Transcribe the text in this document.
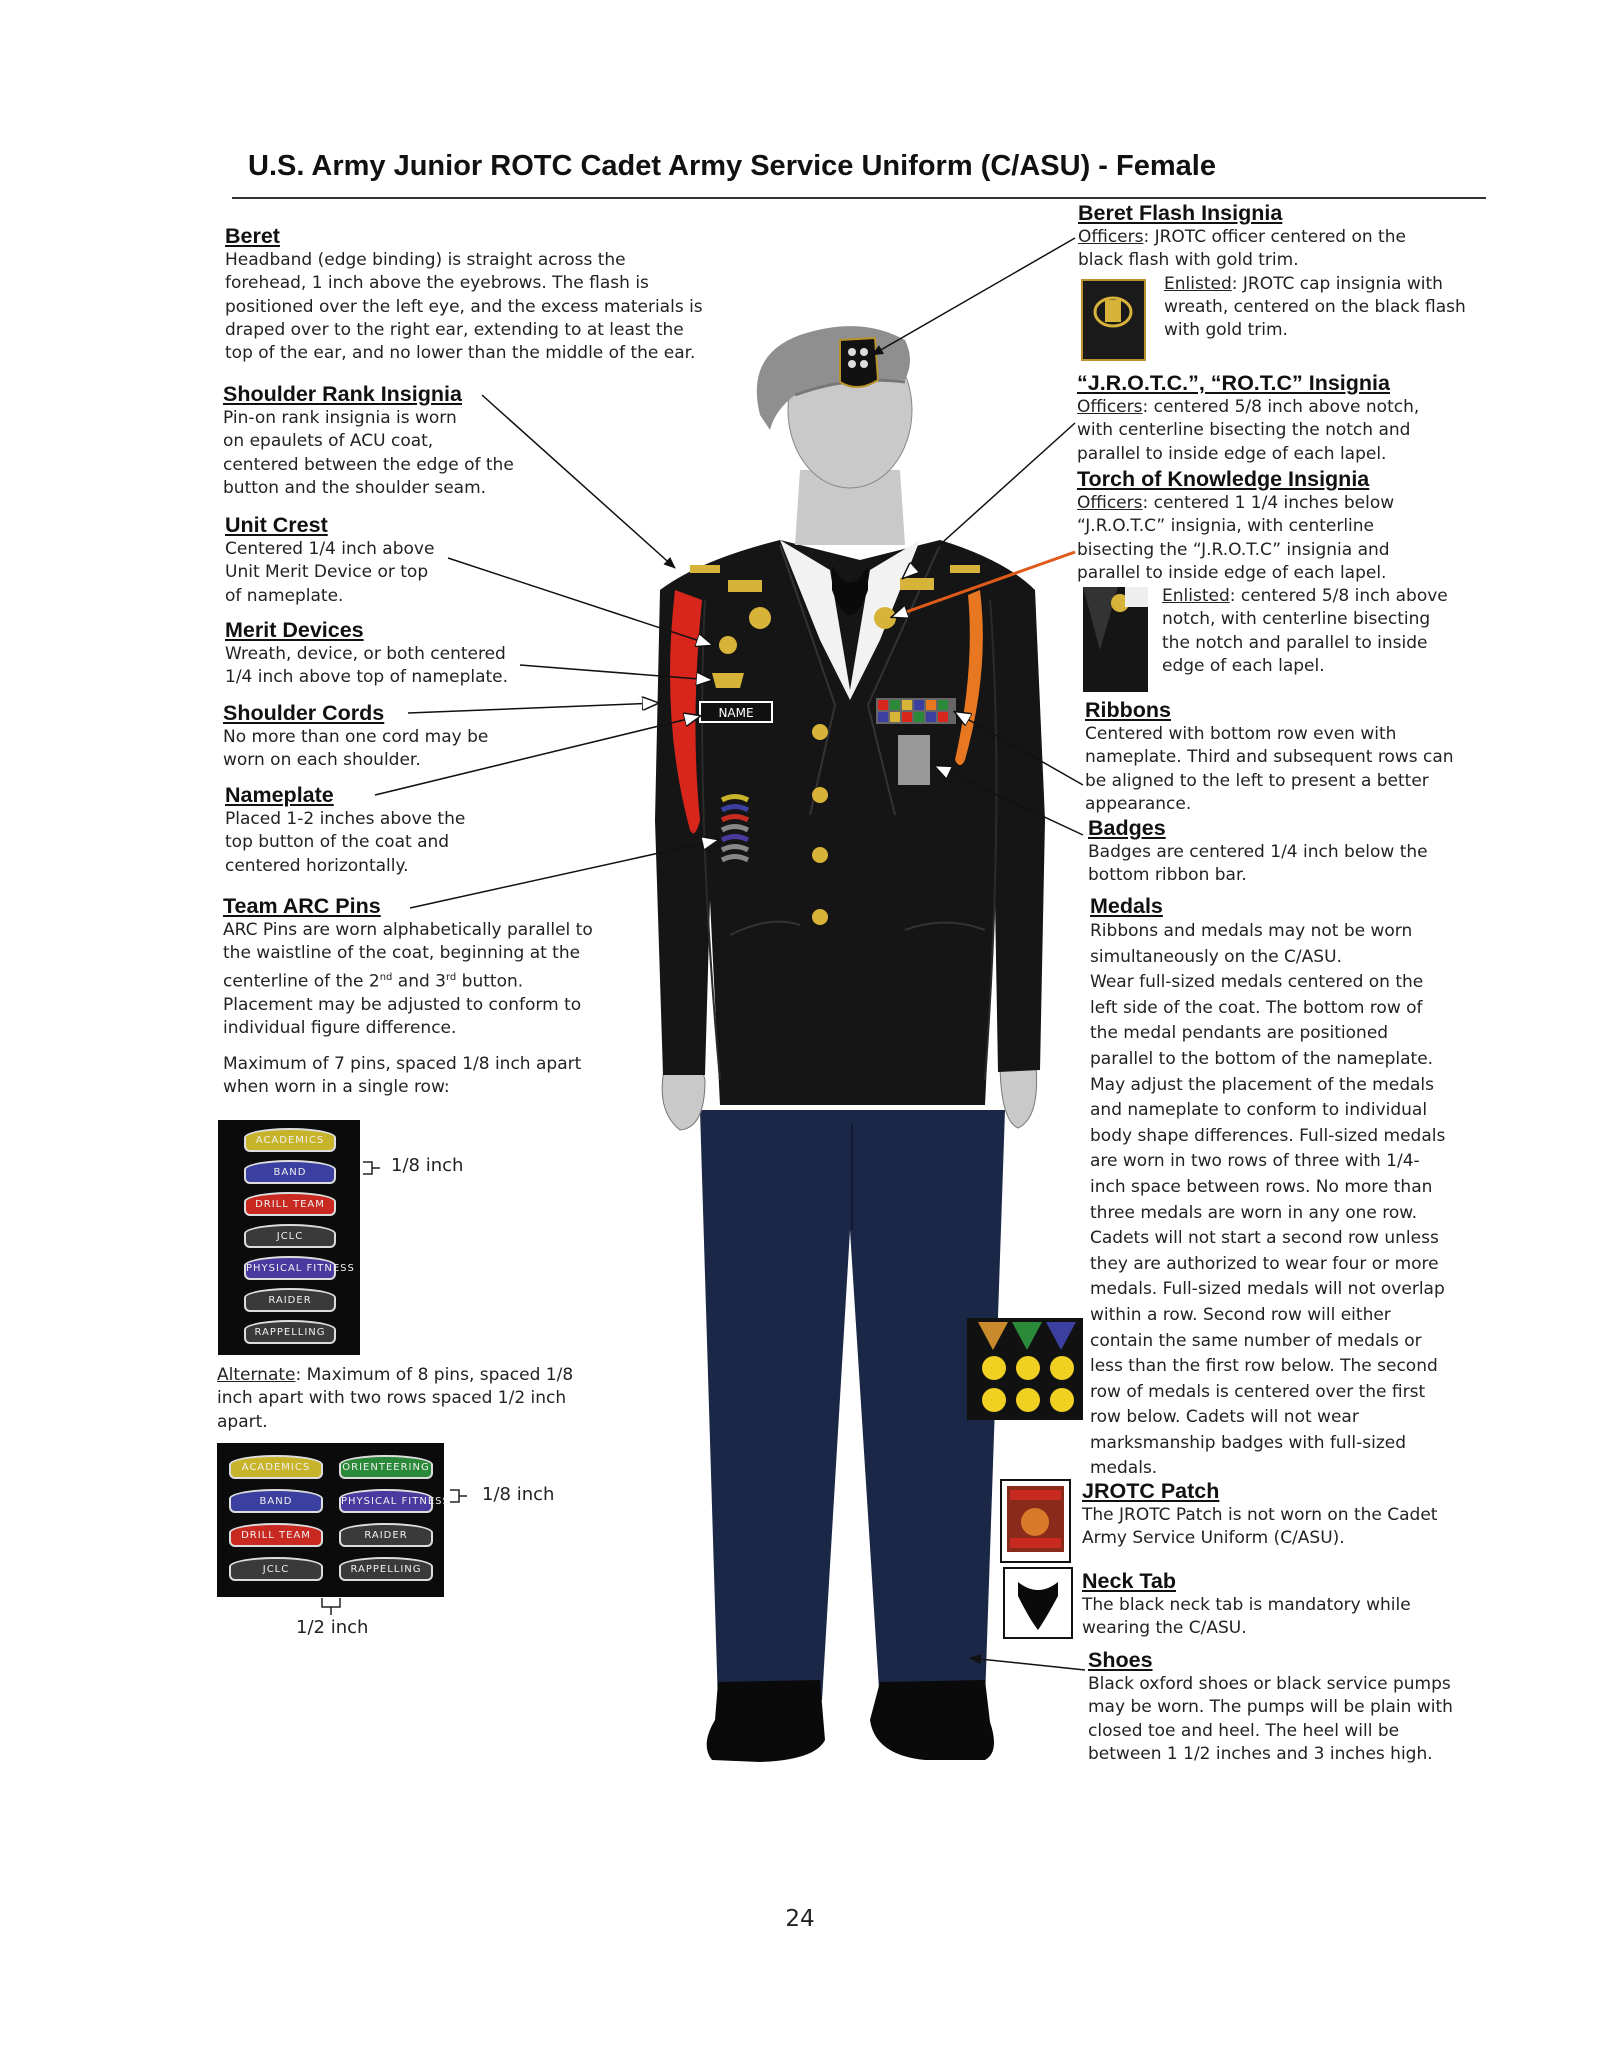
U.S. Army Junior ROTC Cadet Army Service Uniform (C/ASU) - Female
NAME
ACADEMICS
BAND
DRILL TEAM
JCLC
PHYSICAL FITNESS
RAIDER
RAPPELLING
ACADEMICS
BAND
DRILL TEAM
JCLC
ORIENTEERING
PHYSICAL FITNESS
RAIDER
RAPPELLING
1/8 inch
1/8 inch
1/2 inch
Beret

Headband (edge binding) is straight across the

forehead, 1 inch above the eyebrows. The flash is

positioned over the left eye, and the excess materials is

draped over to the right ear, extending to at least the

top of the ear, and no lower than the middle of the ear.

Shoulder Rank Insignia

Pin-on rank insignia is worn

on epaulets of ACU coat,

centered between the edge of the

button and the shoulder seam.

Unit Crest

Centered 1/4 inch above

Unit Merit Device or top

of nameplate.

Merit Devices

Wreath, device, or both centered

1/4 inch above top of nameplate.

Shoulder Cords

No more than one cord may be

worn on each shoulder.

Nameplate

Placed 1-2 inches above the

top button of the coat and

centered horizontally.

Team ARC Pins

ARC Pins are worn alphabetically parallel to

the waistline of the coat, beginning at the

centerline of the 2nd and 3rd button.

Placement may be adjusted to conform to

individual figure difference.

Maximum of 7 pins, spaced 1/8 inch apart

when worn in a single row:

Alternate: Maximum of 8 pins, spaced 1/8

inch apart with two rows spaced 1/2 inch

apart.

Beret Flash Insignia

Officers: JROTC officer centered on the

black flash with gold trim.

Enlisted: JROTC cap insignia with

wreath, centered on the black flash

with gold trim.

“J.R.O.T.C.”, “RO.T.C” Insignia

Officers: centered 5/8 inch above notch,

with centerline bisecting the notch and

parallel to inside edge of each lapel.

Torch of Knowledge Insignia

Officers: centered 1 1/4 inches below

“J.R.O.T.C” insignia, with centerline

bisecting the “J.R.O.T.C” insignia and

parallel to inside edge of each lapel.

Enlisted: centered 5/8 inch above

notch, with centerline bisecting

the notch and parallel to inside

edge of each lapel.

Ribbons

Centered with bottom row even with

nameplate. Third and subsequent rows can

be aligned to the left to present a better

appearance.

Badges

Badges are centered 1/4 inch below the

bottom ribbon bar.

Medals

Ribbons and medals may not be worn

simultaneously on the C/ASU.

Wear full-sized medals centered on the

left side of the coat. The bottom row of

the medal pendants are positioned

parallel to the bottom of the nameplate.

May adjust the placement of the medals

and nameplate to conform to individual

body shape differences. Full-sized medals

are worn in two rows of three with 1/4-

inch space between rows. No more than

three medals are worn in any one row.

Cadets will not start a second row unless

they are authorized to wear four or more

medals. Full-sized medals will not overlap

within a row. Second row will either

contain the same number of medals or

less than the first row below. The second

row of medals is centered over the first

row below. Cadets will not wear

marksmanship badges with full-sized

medals.

JROTC Patch

The JROTC Patch is not worn on the Cadet

Army Service Uniform (C/ASU).

Neck Tab

The black neck tab is mandatory while

wearing the C/ASU.

Shoes

Black oxford shoes or black service pumps

may be worn. The pumps will be plain with

closed toe and heel. The heel will be

between 1 1/2 inches and 3 inches high.

24
